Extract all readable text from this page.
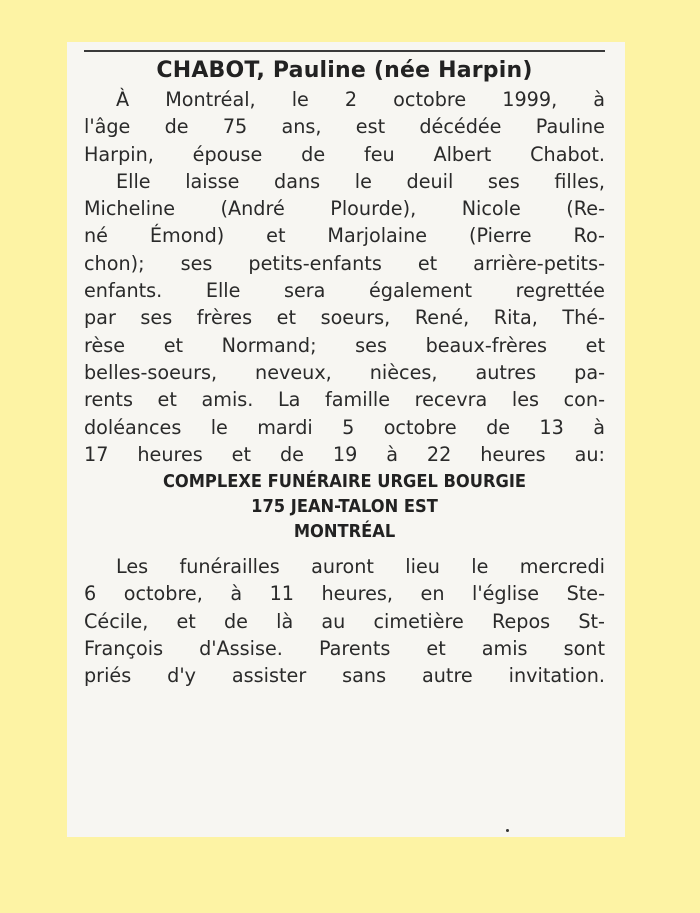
CHABOT, Pauline (née Harpin)
À Montréal, le 2 octobre 1999, à
l'âge de 75 ans, est décédée Pauline
Harpin, épouse de feu Albert Chabot.
Elle laisse dans le deuil ses filles,
Micheline (André Plourde), Nicole (Re-
né Émond) et Marjolaine (Pierre Ro-
chon); ses petits-enfants et arrière-petits-
enfants. Elle sera également regrettée
par ses frères et soeurs, René, Rita, Thé-
rèse et Normand; ses beaux-frères et
belles-soeurs, neveux, nièces, autres pa-
rents et amis. La famille recevra les con-
doléances le mardi 5 octobre de 13 à
17 heures et de 19 à 22 heures au:
COMPLEXE FUNÉRAIRE URGEL BOURGIE
175 JEAN-TALON EST
MONTRÉAL
Les funérailles auront lieu le mercredi
6 octobre, à 11 heures, en l'église Ste-
Cécile, et de là au cimetière Repos St-
François d'Assise. Parents et amis sont
priés d'y assister sans autre invitation.
